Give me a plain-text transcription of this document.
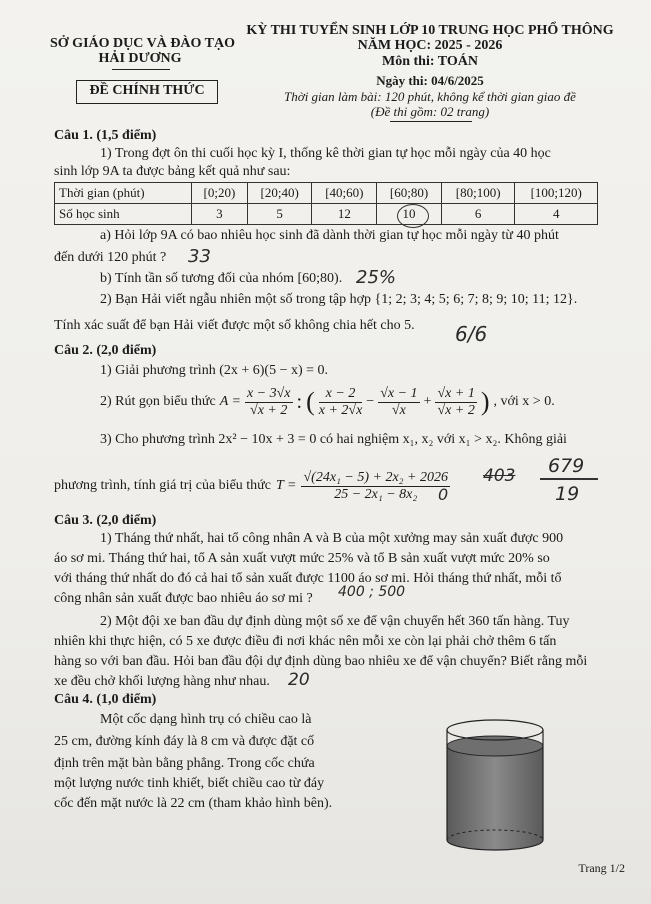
SỞ GIÁO DỤC VÀ ĐÀO TẠO
HẢI DƯƠNG
ĐỀ CHÍNH THỨC
KỲ THI TUYỂN SINH LỚP 10 TRUNG HỌC PHỔ THÔNG
NĂM HỌC: 2025 - 2026
Môn thi: TOÁN
Ngày thi: 04/6/2025
Thời gian làm bài: 120 phút, không kể thời gian giao đề
(Đề thi gồm: 02 trang)
Câu 1. (1,5 điểm)
1) Trong đợt ôn thi cuối học kỳ I, thống kê thời gian tự học mỗi ngày của 40 học
sinh lớp 9A ta được bảng kết quả như sau:
Thời gian (phút)	[0;20)	[20;40)	[40;60)	[60;80)	[80;100)	[100;120)
Số học sinh	3	5	12	10	6	4
a) Hỏi lớp 9A có bao nhiêu học sinh đã dành thời gian tự học mỗi ngày từ 40 phút
đến dưới 120 phút ? 33
b) Tính tần số tương đối của nhóm [60;80). 25%
2) Bạn Hải viết ngẫu nhiên một số trong tập hợp {1; 2; 3; 4; 5; 6; 7; 8; 9; 10; 11; 12}.
Tính xác suất để bạn Hải viết được một số không chia hết cho 5. 6/6
Câu 2. (2,0 điểm)
1) Giải phương trình (2x + 6)(5 − x) = 0.
2) Rút gọn biểu thức $A = \frac{x - 3√x}{√x + 2}$ : ( $\frac{x - 2}{x + 2√x} - \frac{√x - 1}{√x} + \frac{√x + 1}{√x + 2}$ ) , với x > 0.
3) Cho phương trình 2x² − 10x + 3 = 0 có hai nghiệm x₁, x₂ với x₁ > x₂. Không giải
phương trình, tính giá trị của biểu thức $T = \frac{\text{√(24x₁ − 5) + 2x₂ + 2026}}{\text{25 − 2x₁ − 8x₂}} 403$ 679
19
0
Câu 3. (2,0 điểm)
1) Tháng thứ nhất, hai tổ công nhân A và B của một xưởng may sản xuất được 900
áo sơ mi. Tháng thứ hai, tổ A sản xuất vượt mức 25% và tổ B sản xuất vượt mức 20% so
với tháng thứ nhất do đó cả hai tổ sản xuất được 1100 áo sơ mi. Hỏi tháng thứ nhất, mỗi tổ
công nhân sản xuất được bao nhiêu áo sơ mi ? 400 ; 500
2) Một đội xe ban đầu dự định dùng một số xe để vận chuyển hết 360 tấn hàng. Tuy
nhiên khi thực hiện, có 5 xe được điều đi nơi khác nên mỗi xe còn lại phải chở thêm 6 tấn
hàng so với ban đầu. Hỏi ban đầu đội dự định dùng bao nhiêu xe để vận chuyển? Biết rằng mỗi
xe đều chở khối lượng hàng như nhau. 20
Câu 4. (1,0 điểm)
Một cốc dạng hình trụ có chiều cao là
25 cm, đường kính đáy là 8 cm và được đặt cố
định trên mặt bàn bằng phẳng. Trong cốc chứa
một lượng nước tinh khiết, biết chiều cao từ đáy
cốc đến mặt nước là 22 cm (tham khảo hình bên).
Trang 1/2
